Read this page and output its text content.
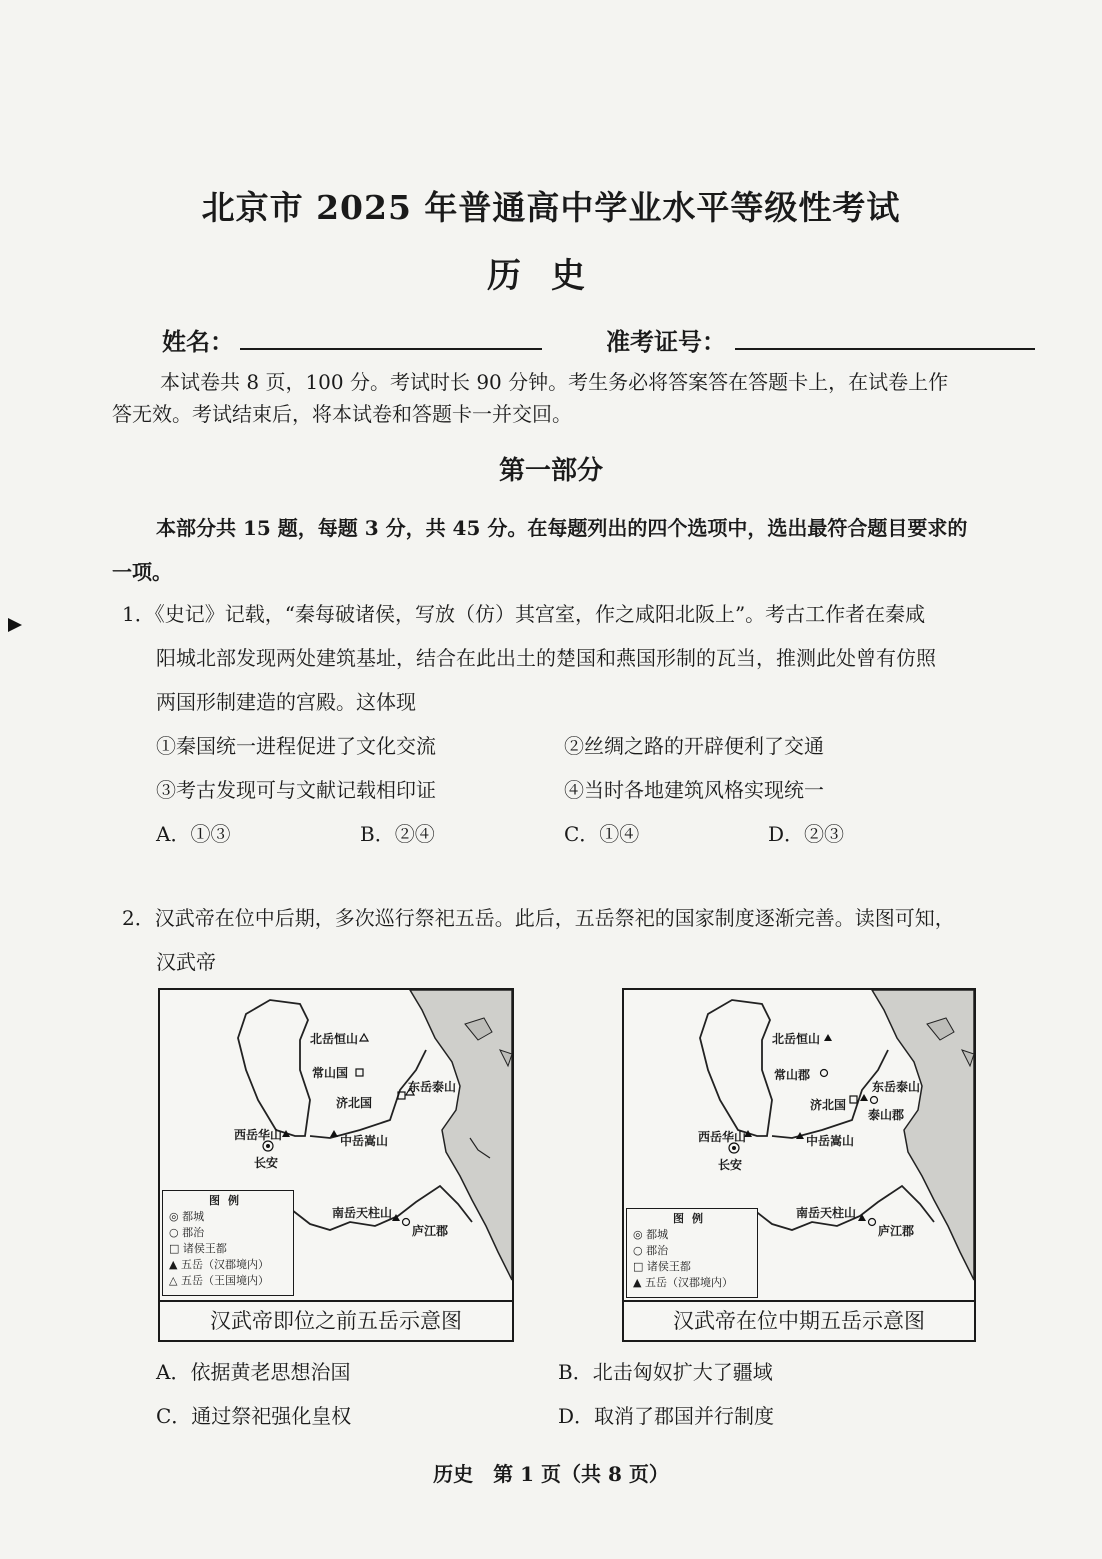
北京市 2025 年普通高中学业水平等级性考试
历史
姓名：	准考证号：
本试卷共 8 页，100 分。考试时长 90 分钟。考生务必将答案答在答题卡上，在试卷上作
答无效。考试结束后，将本试卷和答题卡一并交回。
第一部分
本部分共 15 题，每题 3 分，共 45 分。在每题列出的四个选项中，选出最符合题目要求的
一项。
1．《史记》记载，“秦每破诸侯，写放（仿）其宫室，作之咸阳北阪上”。考古工作者在秦咸
阳城北部发现两处建筑基址，结合在此出土的楚国和燕国形制的瓦当，推测此处曾有仿照
两国形制建造的宫殿。这体现
①秦国统一进程促进了文化交流	②丝绸之路的开辟便利了交通
③考古发现可与文献记载相印证	④当时各地建筑风格实现统一
A．①③	B．②④	C．①④	D．②③
2．汉武帝在位中后期，多次巡行祭祀五岳。此后，五岳祭祀的国家制度逐渐完善。读图可知，
汉武帝
北岳恒山
常山国
东岳泰山
济北国
西岳华山	中岳嵩山
长安
南岳天柱山
庐江郡
图例
◎ 都城
○ 郡治
□ 诸侯王都
▲ 五岳（汉郡境内）
△ 五岳（王国境内）
汉武帝即位之前五岳示意图
北岳恒山
常山郡
东岳泰山
济北国
泰山郡
西岳华山	中岳嵩山
长安
南岳天柱山
庐江郡
图例
◎ 都城
○ 郡治
□ 诸侯王都
▲ 五岳（汉郡境内）
汉武帝在位中期五岳示意图
A．依据黄老思想治国	B．北击匈奴扩大了疆域
C．通过祭祀强化皇权	D．取消了郡国并行制度
历史　第 1 页（共 8 页）
